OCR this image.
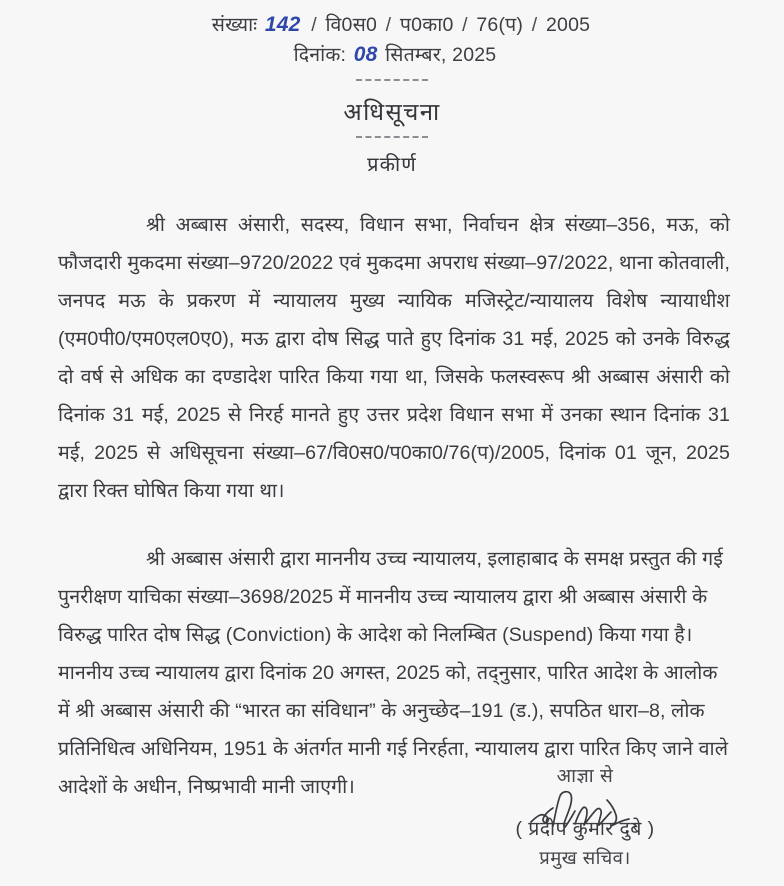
संख्याः 142 / वि0स0 / प0का0 / 76(प) / 2005
दिनांक: 08 सितम्बर, 2025
अधिसूचना
प्रकीर्ण

श्री अब्बास अंसारी, सदस्य, विधान सभा, निर्वाचन क्षेत्र संख्या–356, मऊ, को फौजदारी मुकदमा संख्या–9720/2022 एवं मुकदमा अपराध संख्या–97/2022, थाना कोतवाली, जनपद मऊ के प्रकरण में न्यायालय मुख्य न्यायिक मजिस्ट्रेट/न्यायालय विशेष न्यायाधीश (एम0पी0/एम0एल0ए0), मऊ द्वारा दोष सिद्ध पाते हुए दिनांक 31 मई, 2025 को उनके विरुद्ध दो वर्ष से अधिक का दण्डादेश पारित किया गया था, जिसके फलस्वरूप श्री अब्बास अंसारी को दिनांक 31 मई, 2025 से निरर्ह मानते हुए उत्तर प्रदेश विधान सभा में उनका स्थान दिनांक 31 मई, 2025 से अधिसूचना संख्या–67/वि0स0/प0का0/76(प)/2005, दिनांक 01 जून, 2025 द्वारा रिक्त घोषित किया गया था।

श्री अब्बास अंसारी द्वारा माननीय उच्च न्यायालय, इलाहाबाद के समक्ष प्रस्तुत की गई पुनरीक्षण याचिका संख्या–3698/2025 में माननीय उच्च न्यायालय द्वारा श्री अब्बास अंसारी के विरुद्ध पारित दोष सिद्ध (Conviction) के आदेश को निलम्बित (Suspend) किया गया है। माननीय उच्च न्यायालय द्वारा दिनांक 20 अगस्त, 2025 को, तद्नुसार, पारित आदेश के आलोक में श्री अब्बास अंसारी की “भारत का संविधान” के अनुच्छेद–191 (ड.), सपठित धारा–8, लोक प्रतिनिधित्व अधिनियम, 1951 के अंतर्गत मानी गई निरर्हता, न्यायालय द्वारा पारित किए जाने वाले आदेशों के अधीन, निष्प्रभावी मानी जाएगी।	आज्ञा से
( प्रदीप कुमार दुबे )
प्रमुख सचिव।
